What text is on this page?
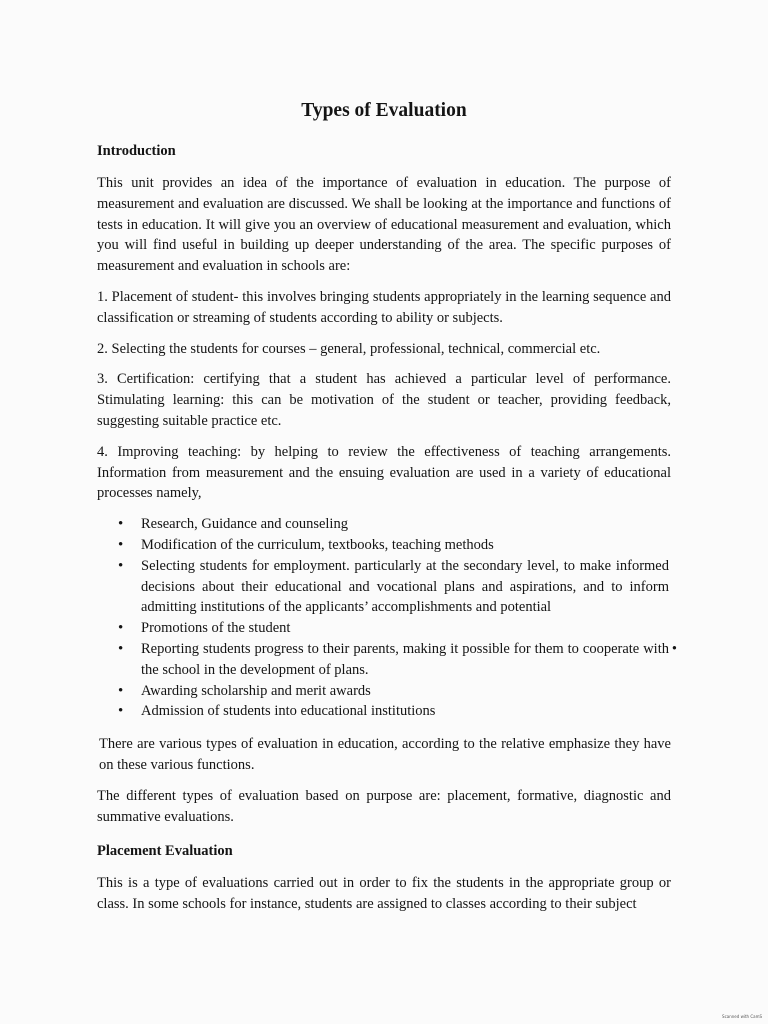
Types of Evaluation
Introduction

This unit provides an idea of the importance of evaluation in education. The purpose of measurement and evaluation are discussed. We shall be looking at the importance and functions of tests in education. It will give you an overview of educational measurement and evaluation, which you will find useful in building up deeper understanding of the area. The specific purposes of measurement and evaluation in schools are:

1. Placement of student- this involves bringing students appropriately in the learning sequence and classification or streaming of students according to ability or subjects.

2. Selecting the students for courses – general, professional, technical, commercial etc.

3. Certification: certifying that a student has achieved a particular level of performance. Stimulating learning: this can be motivation of the student or teacher, providing feedback, suggesting suitable practice etc.

4. Improving teaching: by helping to review the effectiveness of teaching arrangements. Information from measurement and the ensuing evaluation are used in a variety of educational processes namely,

• Research, Guidance and counseling
• Modification of the curriculum, textbooks, teaching methods
• Selecting students for employment. particularly at the secondary level, to make informed decisions about their educational and vocational plans and aspirations, and to inform admitting institutions of the applicants’ accomplishments and potential
• Promotions of the student
• Reporting students progress to their parents, making it possible for them to cooperate with the school in the development of plans.
•
• Awarding scholarship and merit awards
• Admission of students into educational institutions

There are various types of evaluation in education, according to the relative emphasize they have on these various functions.

The different types of evaluation based on purpose are: placement, formative, diagnostic and summative evaluations.

Placement Evaluation

This is a type of evaluations carried out in order to fix the students in the appropriate group or class. In some schools for instance, students are assigned to classes according to their subject

Scanned with CamS
